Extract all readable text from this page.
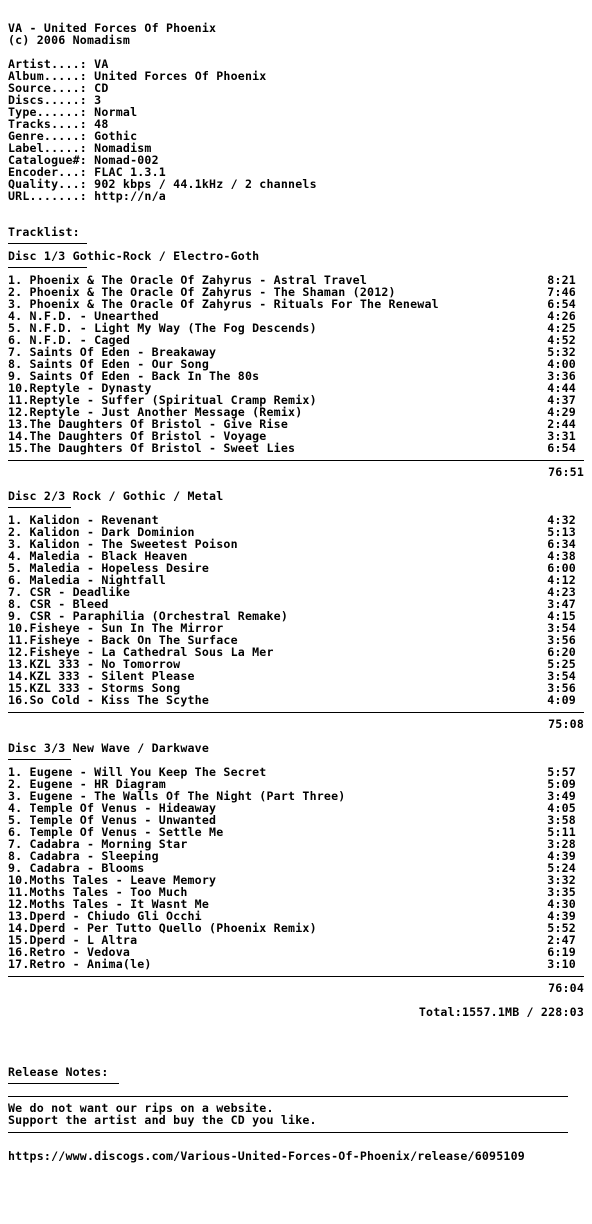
VA - United Forces Of Phoenix
(c) 2006 Nomadism
Artist....: VA
Album.....: United Forces Of Phoenix
Source....: CD
Discs.....: 3
Type......: Normal
Tracks....: 48
Genre.....: Gothic
Label.....: Nomadism
Catalogue#: Nomad-002
Encoder...: FLAC 1.3.1
Quality...: 902 kbps / 44.1kHz / 2 channels
URL.......: http://n/a
Tracklist:
Disc 1/3 Gothic-Rock / Electro-Goth
1. Phoenix & The Oracle Of Zahyrus - Astral Travel	8:21
2. Phoenix & The Oracle Of Zahyrus - The Shaman (2012)	7:46
3. Phoenix & The Oracle Of Zahyrus - Rituals For The Renewal	6:54
4. N.F.D. - Unearthed	4:26
5. N.F.D. - Light My Way (The Fog Descends)	4:25
6. N.F.D. - Caged	4:52
7. Saints Of Eden - Breakaway	5:32
8. Saints Of Eden - Our Song	4:00
9. Saints Of Eden - Back In The 80s	3:36
10.Reptyle - Dynasty	4:44
11.Reptyle - Suffer (Spiritual Cramp Remix)	4:37
12.Reptyle - Just Another Message (Remix)	4:29
13.The Daughters Of Bristol - Give Rise	2:44
14.The Daughters Of Bristol - Voyage	3:31
15.The Daughters Of Bristol - Sweet Lies	6:54
76:51
Disc 2/3 Rock / Gothic / Metal
1. Kalidon - Revenant	4:32
2. Kalidon - Dark Dominion	5:13
3. Kalidon - The Sweetest Poison	6:34
4. Maledia - Black Heaven	4:38
5. Maledia - Hopeless Desire	6:00
6. Maledia - Nightfall	4:12
7. CSR - Deadlike	4:23
8. CSR - Bleed	3:47
9. CSR - Paraphilia (Orchestral Remake)	4:15
10.Fisheye - Sun In The Mirror	3:54
11.Fisheye - Back On The Surface	3:56
12.Fisheye - La Cathedral Sous La Mer	6:20
13.KZL 333 - No Tomorrow	5:25
14.KZL 333 - Silent Please	3:54
15.KZL 333 - Storms Song	3:56
16.So Cold - Kiss The Scythe	4:09
75:08
Disc 3/3 New Wave / Darkwave
1. Eugene - Will You Keep The Secret	5:57
2. Eugene - HR Diagram	5:09
3. Eugene - The Walls Of The Night (Part Three)	3:49
4. Temple Of Venus - Hideaway	4:05
5. Temple Of Venus - Unwanted	3:58
6. Temple Of Venus - Settle Me	5:11
7. Cadabra - Morning Star	3:28
8. Cadabra - Sleeping	4:39
9. Cadabra - Blooms	5:24
10.Moths Tales - Leave Memory	3:32
11.Moths Tales - Too Much	3:35
12.Moths Tales - It Wasnt Me	4:30
13.Dperd - Chiudo Gli Occhi	4:39
14.Dperd - Per Tutto Quello (Phoenix Remix)	5:52
15.Dperd - L Altra	2:47
16.Retro - Vedova	6:19
17.Retro - Anima(le)	3:10
76:04
Total:1557.1MB / 228:03
Release Notes:
We do not want our rips on a website.
Support the artist and buy the CD you like.
https://www.discogs.com/Various-United-Forces-Of-Phoenix/release/6095109
